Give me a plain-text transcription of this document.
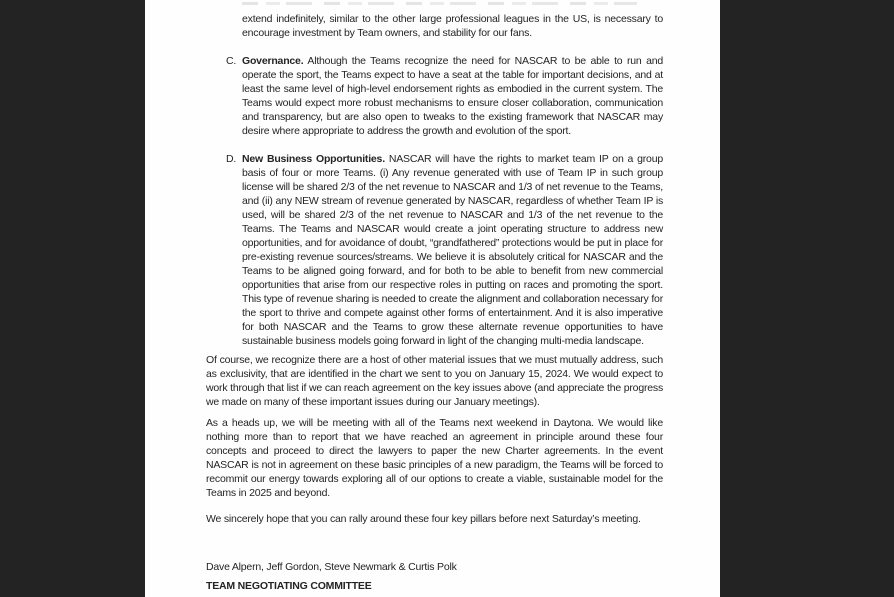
extend indefinitely, similar to the other large professional leagues in the US, is necessary to encourage investment by Team owners, and stability for our fans.

C. Governance. Although the Teams recognize the need for NASCAR to be able to run and operate the sport, the Teams expect to have a seat at the table for important decisions, and at least the same level of high-level endorsement rights as embodied in the current system. The Teams would expect more robust mechanisms to ensure closer collaboration, communication and transparency, but are also open to tweaks to the existing framework that NASCAR may desire where appropriate to address the growth and evolution of the sport.

D. New Business Opportunities. NASCAR will have the rights to market team IP on a group basis of four or more Teams. (i) Any revenue generated with use of Team IP in such group license will be shared 2/3 of the net revenue to NASCAR and 1/3 of net revenue to the Teams, and (ii) any NEW stream of revenue generated by NASCAR, regardless of whether Team IP is used, will be shared 2/3 of the net revenue to NASCAR and 1/3 of the net revenue to the Teams. The Teams and NASCAR would create a joint operating structure to address new opportunities, and for avoidance of doubt, “grandfathered” protections would be put in place for pre-existing revenue sources/streams. We believe it is absolutely critical for NASCAR and the Teams to be aligned going forward, and for both to be able to benefit from new commercial opportunities that arise from our respective roles in putting on races and promoting the sport. This type of revenue sharing is needed to create the alignment and collaboration necessary for the sport to thrive and compete against other forms of entertainment. And it is also imperative for both NASCAR and the Teams to grow these alternate revenue opportunities to have sustainable business models going forward in light of the changing multi-media landscape.

Of course, we recognize there are a host of other material issues that we must mutually address, such as exclusivity, that are identified in the chart we sent to you on January 15, 2024. We would expect to work through that list if we can reach agreement on the key issues above (and appreciate the progress we made on many of these important issues during our January meetings).

As a heads up, we will be meeting with all of the Teams next weekend in Daytona. We would like nothing more than to report that we have reached an agreement in principle around these four concepts and proceed to direct the lawyers to paper the new Charter agreements. In the event NASCAR is not in agreement on these basic principles of a new paradigm, the Teams will be forced to recommit our energy towards exploring all of our options to create a viable, sustainable model for the Teams in 2025 and beyond.

We sincerely hope that you can rally around these four key pillars before next Saturday’s meeting.

Dave Alpern, Jeff Gordon, Steve Newmark & Curtis Polk

TEAM NEGOTIATING COMMITTEE
